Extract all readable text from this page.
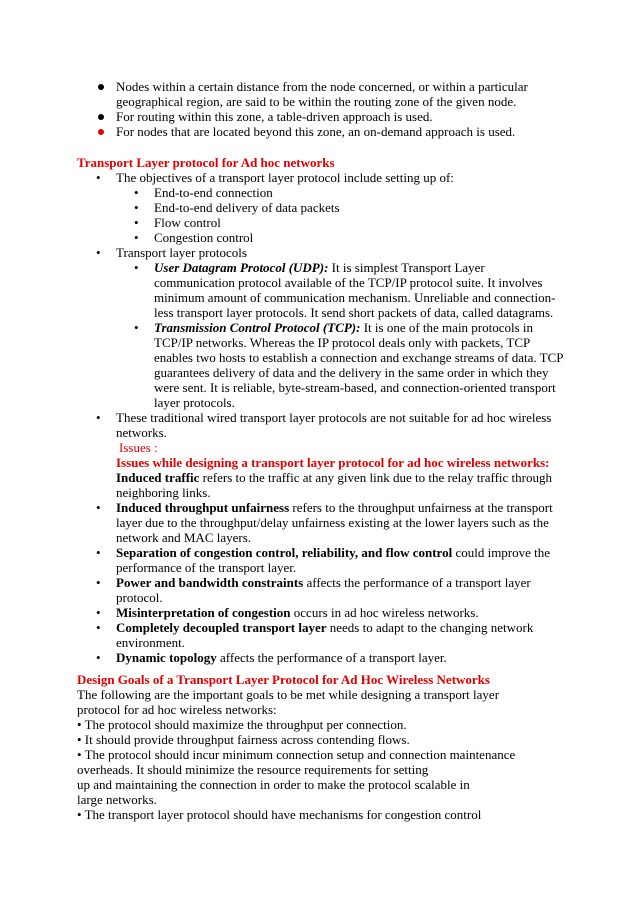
Nodes within a certain distance from the node concerned, or within a particular
geographical region, are said to be within the routing zone of the given node.
For routing within this zone, a table-driven approach is used.
For nodes that are located beyond this zone, an on-demand approach is used.
Transport Layer protocol for Ad hoc networks
• The objectives of a transport layer protocol include setting up of:
• End-to-end connection
• End-to-end delivery of data packets
• Flow control
• Congestion control
• Transport layer protocols
• User Datagram Protocol (UDP): It is simplest Transport Layer
communication protocol available of the TCP/IP protocol suite. It involves
minimum amount of communication mechanism. Unreliable and connection-
less transport layer protocols. It send short packets of data, called datagrams.
• Transmission Control Protocol (TCP): It is one of the main protocols in
TCP/IP networks. Whereas the IP protocol deals only with packets, TCP
enables two hosts to establish a connection and exchange streams of data. TCP
guarantees delivery of data and the delivery in the same order in which they
were sent. It is reliable, byte-stream-based, and connection-oriented transport
layer protocols.
• These traditional wired transport layer protocols are not suitable for ad hoc wireless
networks.
Issues :
Issues while designing a transport layer protocol for ad hoc wireless networks:
Induced traffic refers to the traffic at any given link due to the relay traffic through
neighboring links.
• Induced throughput unfairness refers to the throughput unfairness at the transport
layer due to the throughput/delay unfairness existing at the lower layers such as the
network and MAC layers.
• Separation of congestion control, reliability, and flow control could improve the
performance of the transport layer.
• Power and bandwidth constraints affects the performance of a transport layer
protocol.
• Misinterpretation of congestion occurs in ad hoc wireless networks.
• Completely decoupled transport layer needs to adapt to the changing network
environment.
• Dynamic topology affects the performance of a transport layer.
Design Goals of a Transport Layer Protocol for Ad Hoc Wireless Networks
The following are the important goals to be met while designing a transport layer
protocol for ad hoc wireless networks:
• The protocol should maximize the throughput per connection.
• It should provide throughput fairness across contending flows.
• The protocol should incur minimum connection setup and connection maintenance
overheads. It should minimize the resource requirements for setting
up and maintaining the connection in order to make the protocol scalable in
large networks.
• The transport layer protocol should have mechanisms for congestion control
